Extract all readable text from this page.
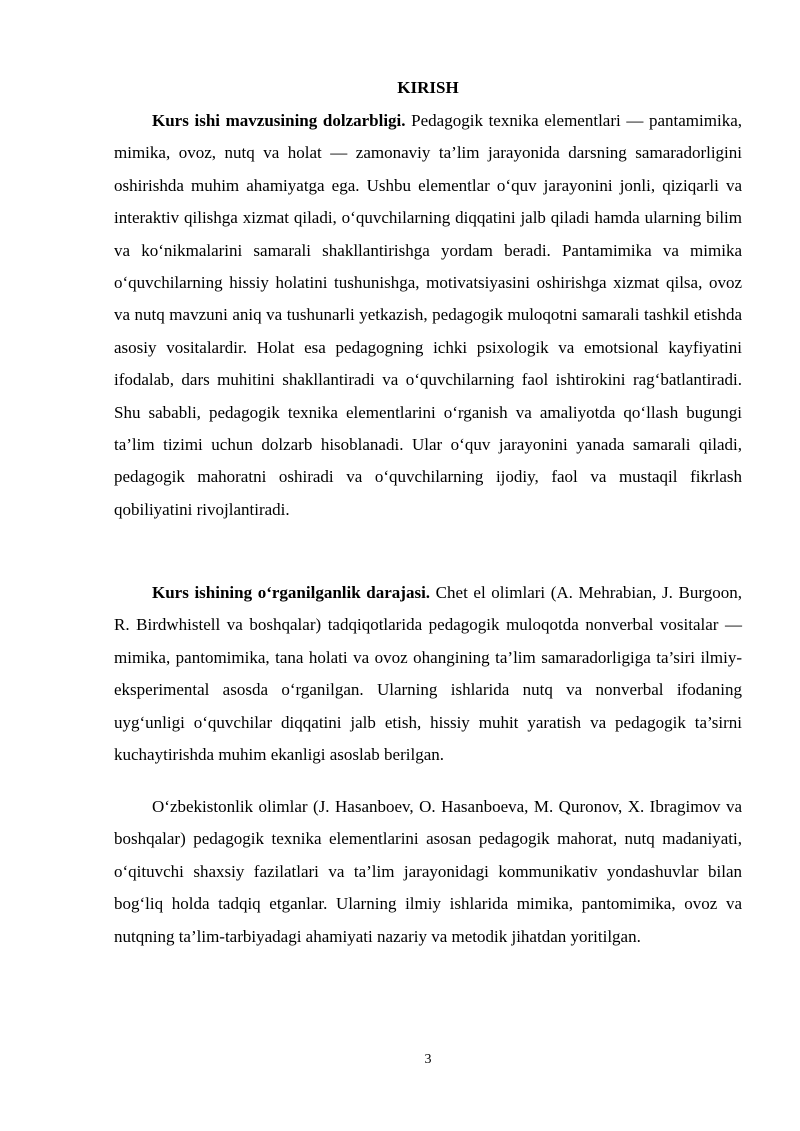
KIRISH

Kurs ishi mavzusining dolzarbligi. Pedagogik texnika elementlari — pantamimika, mimika, ovoz, nutq va holat — zamonaviy ta’lim jarayonida darsning samaradorligini oshirishda muhim ahamiyatga ega. Ushbu elementlar o‘quv jarayonini jonli, qiziqarli va interaktiv qilishga xizmat qiladi, o‘quvchilarning diqqatini jalb qiladi hamda ularning bilim va ko‘nikmalarini samarali shakllantirishga yordam beradi. Pantamimika va mimika o‘quvchilarning hissiy holatini tushunishga, motivatsiyasini oshirishga xizmat qilsa, ovoz va nutq mavzuni aniq va tushunarli yetkazish, pedagogik muloqotni samarali tashkil etishda asosiy vositalardir. Holat esa pedagogning ichki psixologik va emotsional kayfiyatini ifodalab, dars muhitini shakllantiradi va o‘quvchilarning faol ishtirokini rag‘batlantiradi. Shu sababli, pedagogik texnika elementlarini o‘rganish va amaliyotda qo‘llash bugungi ta’lim tizimi uchun dolzarb hisoblanadi. Ular o‘quv jarayonini yanada samarali qiladi, pedagogik mahoratni oshiradi va o‘quvchilarning ijodiy, faol va mustaqil fikrlash qobiliyatini rivojlantiradi.

Kurs ishining o‘rganilganlik darajasi. Chet el olimlari (A. Mehrabian, J. Burgoon, R. Birdwhistell va boshqalar) tadqiqotlarida pedagogik muloqotda nonverbal vositalar — mimika, pantomimika, tana holati va ovoz ohangining ta’lim samaradorligiga ta’siri ilmiy-eksperimental asosda o‘rganilgan. Ularning ishlarida nutq va nonverbal ifodaning uyg‘unligi o‘quvchilar diqqatini jalb etish, hissiy muhit yaratish va pedagogik ta’sirni kuchaytirishda muhim ekanligi asoslab berilgan.

O‘zbekistonlik olimlar (J. Hasanboev, O. Hasanboeva, M. Quronov, X. Ibragimov va boshqalar) pedagogik texnika elementlarini asosan pedagogik mahorat, nutq madaniyati, o‘qituvchi shaxsiy fazilatlari va ta’lim jarayonidagi kommunikativ yondashuvlar bilan bog‘liq holda tadqiq etganlar. Ularning ilmiy ishlarida mimika, pantomimika, ovoz va nutqning ta’lim-tarbiyadagi ahamiyati nazariy va metodik jihatdan yoritilgan.

3
